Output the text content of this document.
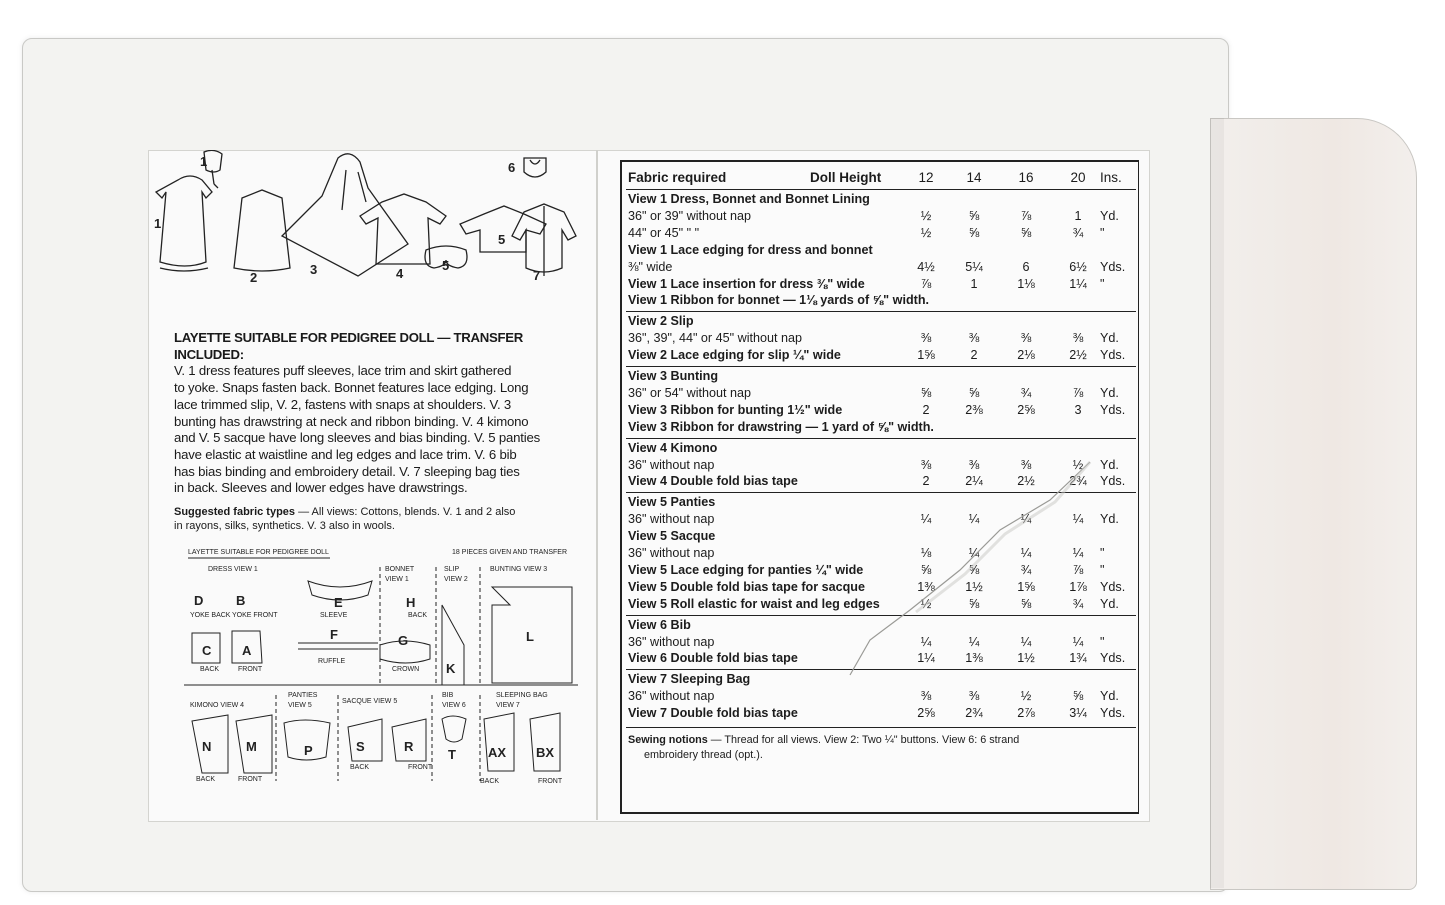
1
1
2
3	4
5
5
6
7
LAYETTE SUITABLE FOR PEDIGREE DOLL — TRANSFER INCLUDED:
V. 1 dress features puff sleeves, lace trim and skirt gathered
to yoke. Snaps fasten back. Bonnet features lace edging. Long
lace trimmed slip, V. 2, fastens with snaps at shoulders. V. 3
bunting has drawstring at neck and ribbon binding. V. 4 kimono
and V. 5 sacque have long sleeves and bias binding. V. 5 panties
have elastic at waistline and leg edges and lace trim. V. 6 bib
has bias binding and embroidery detail. V. 7 sleeping bag ties
in back. Sleeves and lower edges have drawstrings.
Suggested fabric types — All views: Cottons, blends. V. 1 and 2 also
in rayons, silks, synthetics. V. 3 also in wools.
LAYETTE SUITABLE FOR PEDIGREE DOLL	18 PIECES GIVEN AND TRANSFER
DRESS VIEW 1	BONNET
VIEW 1
SLIP
VIEW 2
BUNTING VIEW 3
YOKE BACK YOKE FRONT	SLEEVE	BACK
BACK	FRONT
RUFFLE
CROWN
KIMONO VIEW 4
PANTIES
VIEW 5
SACQUE VIEW 5
BIB
VIEW 6
SLEEPING BAG
VIEW 7
BACK	FRONT
BACK	FRONT
BACK	FRONT
D	B	E	H
C A
F	G
K
L
N	M	P	S	R
T AX BX
Fabric required	Doll Height	12	14	16	20	Ins.
View 1 Dress, Bonnet and Bonnet Lining
36" or 39" without nap	½	⅝	⅞	1	Yd.
44" or 45" " "	½	⅝	⅝	¾	"
View 1 Lace edging for dress and bonnet
⅜" wide	4½	5¼	6	6½	Yds.
View 1 Lace insertion for dress ⅜" wide	⅞	1	1⅛	1¼	"
View 1 Ribbon for bonnet — 1⅛ yards of ⅝" width.
View 2 Slip
36", 39", 44" or 45" without nap	⅜	⅜	⅜	⅜	Yd.
View 2 Lace edging for slip ¼" wide	1⅝	2	2⅛	2½	Yds.
View 3 Bunting
36" or 54" without nap	⅝	⅝	¾	⅞	Yd.
View 3 Ribbon for bunting 1½" wide	2	2⅜	2⅝	3	Yds.
View 3 Ribbon for drawstring — 1 yard of ⅝" width.
View 4 Kimono
36" without nap	⅜	⅜	⅜	½	Yd.
View 4 Double fold bias tape	2	2¼	2½	2¾	Yds.
View 5 Panties
36" without nap	¼	¼	¼	¼	Yd.
View 5 Sacque
36" without nap	⅛	¼	¼	¼	"
View 5 Lace edging for panties ¼" wide	⅝	⅝	¾	⅞	"
View 5 Double fold bias tape for sacque	1⅜	1½	1⅝	1⅞	Yds.
View 5 Roll elastic for waist and leg edges	½	⅝	⅝	¾	Yd.
View 6 Bib
36" without nap	¼	¼	¼	¼	"
View 6 Double fold bias tape	1¼	1⅜	1½	1¾	Yds.
View 7 Sleeping Bag
36" without nap	⅜	⅜	½	⅝	Yd.
View 7 Double fold bias tape	2⅝	2¾	2⅞	3¼	Yds.
Sewing notions — Thread for all views. View 2: Two ¼" buttons. View 6: 6 strand
embroidery thread (opt.).
